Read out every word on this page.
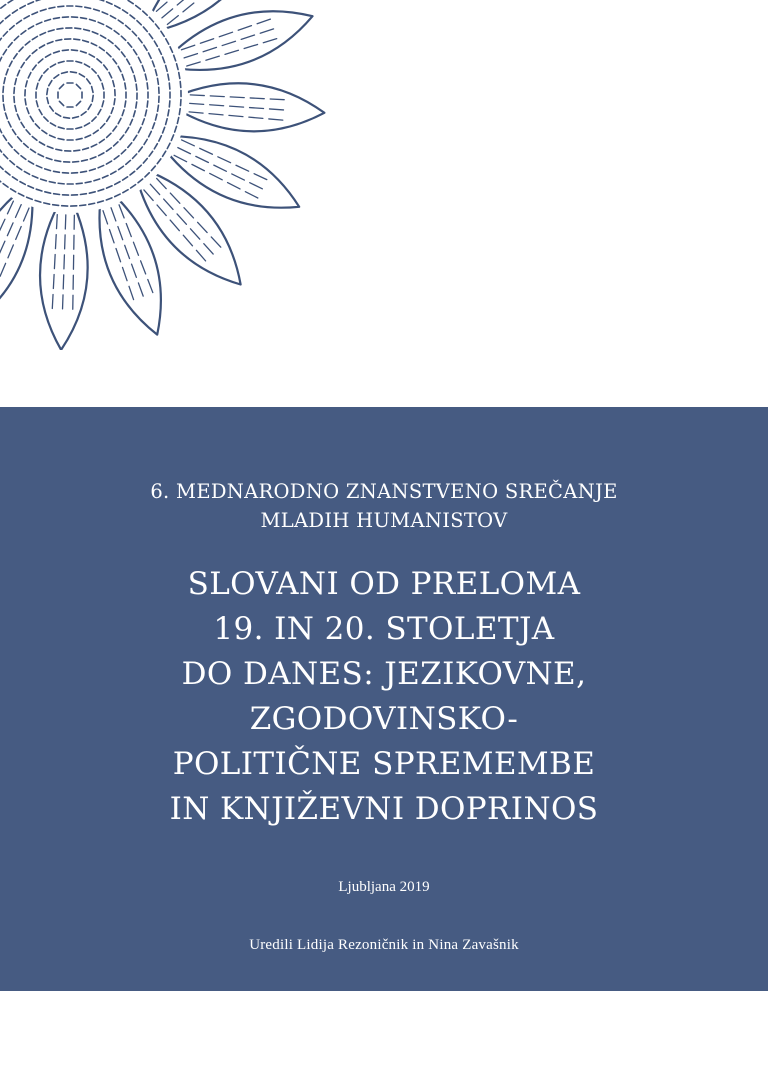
6. MEDNARODNO ZNANSTVENO SREČANJE
MLADIH HUMANISTOV

SLOVANI OD PRELOMA
19. IN 20. STOLETJA
DO DANES: JEZIKOVNE,
ZGODOVINSKO-
POLITIČNE SPREMEMBE
IN KNJIŽEVNI DOPRINOS

Ljubljana 2019

Uredili Lidija Rezoničnik in Nina Zavašnik
